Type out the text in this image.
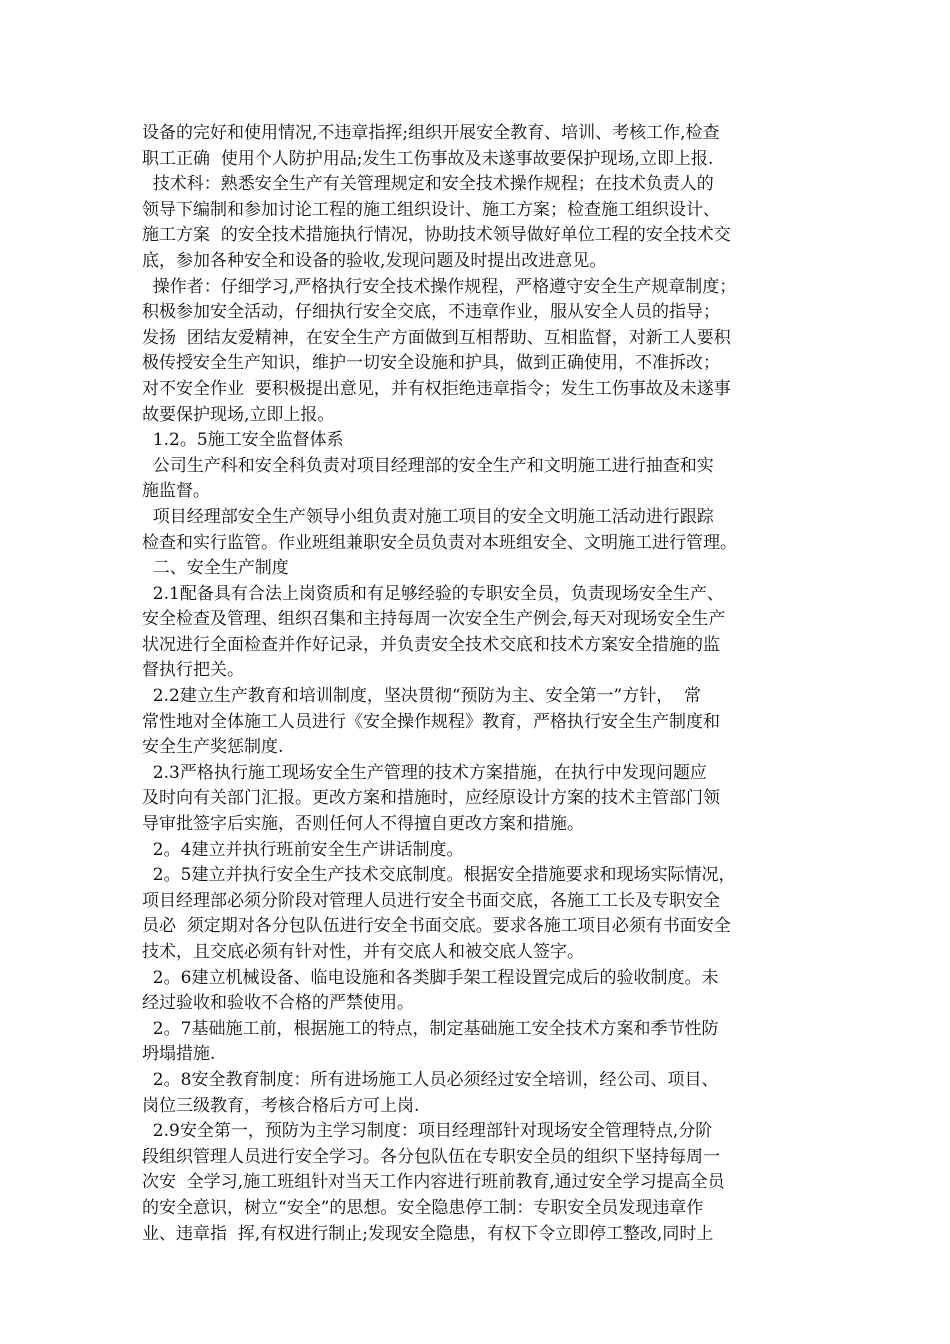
设备的完好和使用情况,不违章指挥;组织开展安全教育、培训、考核工作,检查
职工正确  使用个人防护用品;发生工伤事故及未遂事故要保护现场,立即上报.
技术科：熟悉安全生产有关管理规定和安全技术操作规程；在技术负责人的
领导下编制和参加讨论工程的施工组织设计、施工方案；检查施工组织设计、
施工方案  的安全技术措施执行情况，协助技术领导做好单位工程的安全技术交
底，参加各种安全和设备的验收,发现问题及时提出改进意见。
操作者：仔细学习,严格执行安全技术操作规程，严格遵守安全生产规章制度；
积极参加安全活动，仔细执行安全交底，不违章作业，服从安全人员的指导；
发扬  团结友爱精神，在安全生产方面做到互相帮助、互相监督，对新工人要积
极传授安全生产知识，维护一切安全设施和护具，做到正确使用，不准拆改；
对不安全作业  要积极提出意见，并有权拒绝违章指令；发生工伤事故及未遂事
故要保护现场,立即上报。
1.2。5施工安全监督体系
公司生产科和安全科负责对项目经理部的安全生产和文明施工进行抽查和实
施监督。
项目经理部安全生产领导小组负责对施工项目的安全文明施工活动进行跟踪
检查和实行监管。作业班组兼职安全员负责对本班组安全、文明施工进行管理。
二、安全生产制度
2.1配备具有合法上岗资质和有足够经验的专职安全员，负责现场安全生产、
安全检查及管理、组织召集和主持每周一次安全生产例会,每天对现场安全生产
状况进行全面检查并作好记录，并负责安全技术交底和技术方案安全措施的监
督执行把关。
2.2建立生产教育和培训制度，坚决贯彻“预防为主、安全第一”方针，  常
常性地对全体施工人员进行《安全操作规程》教育，严格执行安全生产制度和
安全生产奖惩制度.
2.3严格执行施工现场安全生产管理的技术方案措施，在执行中发现问题应
及时向有关部门汇报。更改方案和措施时，应经原设计方案的技术主管部门领
导审批签字后实施，否则任何人不得擅自更改方案和措施。
2。4建立并执行班前安全生产讲话制度。
2。5建立并执行安全生产技术交底制度。根据安全措施要求和现场实际情况，
项目经理部必须分阶段对管理人员进行安全书面交底，各施工工长及专职安全
员必  须定期对各分包队伍进行安全书面交底。要求各施工项目必须有书面安全
技术，且交底必须有针对性，并有交底人和被交底人签字。
2。6建立机械设备、临电设施和各类脚手架工程设置完成后的验收制度。未
经过验收和验收不合格的严禁使用。
2。7基础施工前，根据施工的特点，制定基础施工安全技术方案和季节性防
坍塌措施.
2。8安全教育制度：所有进场施工人员必须经过安全培训，经公司、项目、
岗位三级教育，考核合格后方可上岗.
2.9安全第一，预防为主学习制度：项目经理部针对现场安全管理特点,分阶
段组织管理人员进行安全学习。各分包队伍在专职安全员的组织下坚持每周一
次安  全学习,施工班组针对当天工作内容进行班前教育,通过安全学习提高全员
的安全意识，树立“安全”的思想。安全隐患停工制：专职安全员发现违章作
业、违章指  挥,有权进行制止;发现安全隐患，有权下令立即停工整改,同时上
